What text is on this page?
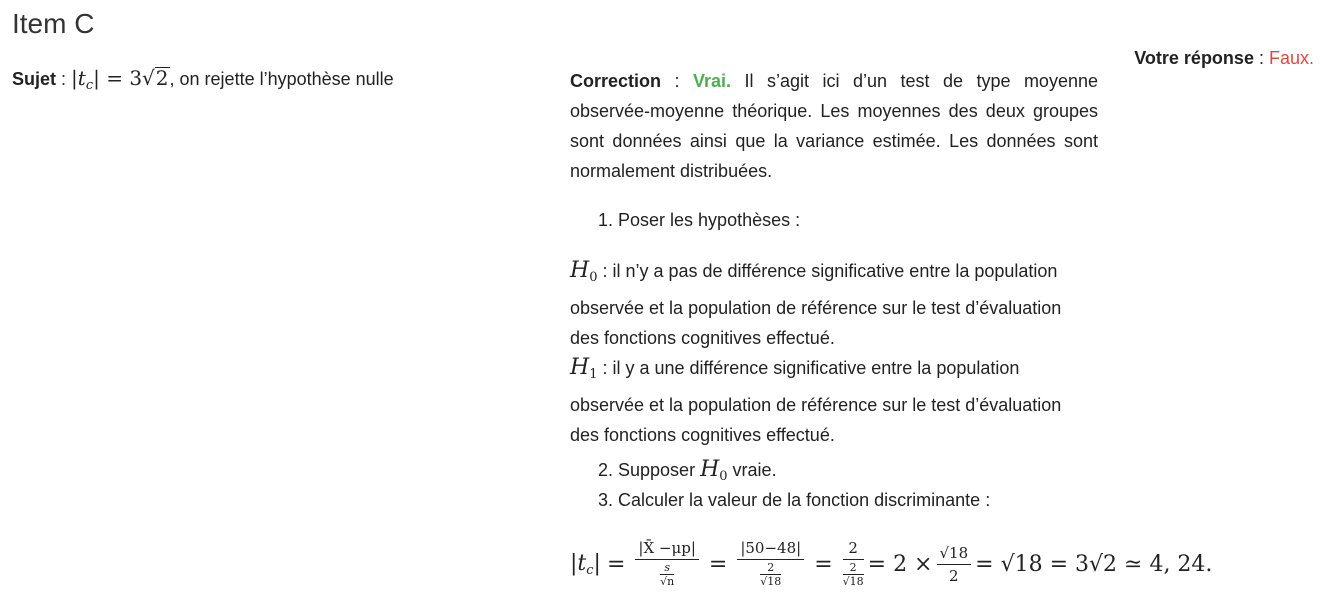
Item C
Sujet : $|t_c| = 3√2$, on rejette l’hypothèse nulle
Votre réponse : Faux.
Correction : Vrai. Il s’agit ici d’un test de type moyenne observée-moyenne théorique. Les moyennes des deux groupes sont données ainsi que la variance estimée. Les données sont normalement distribuées.
1. Poser les hypothèses :
$H_0$ : il n’y a pas de différence significative entre la population observée et la population de référence sur le test d’évaluation des fonctions cognitives effectué.
$H_1$ : il y a une différence significative entre la population observée et la population de référence sur le test d’évaluation des fonctions cognitives effectué.
2. Supposer $H_0$ vraie.
3. Calculer la valeur de la fonction discriminante :
$|t_c| = \frac{|X̄ -\mu p|}{\frac{s}{√n}} = \frac{|50-48|}{\frac{2}{√18}} = \frac{2}{\frac{2}{√18}} = 2 \times \frac{√18}{2} = √18 = 3√2$ ≃ 4, 24.
